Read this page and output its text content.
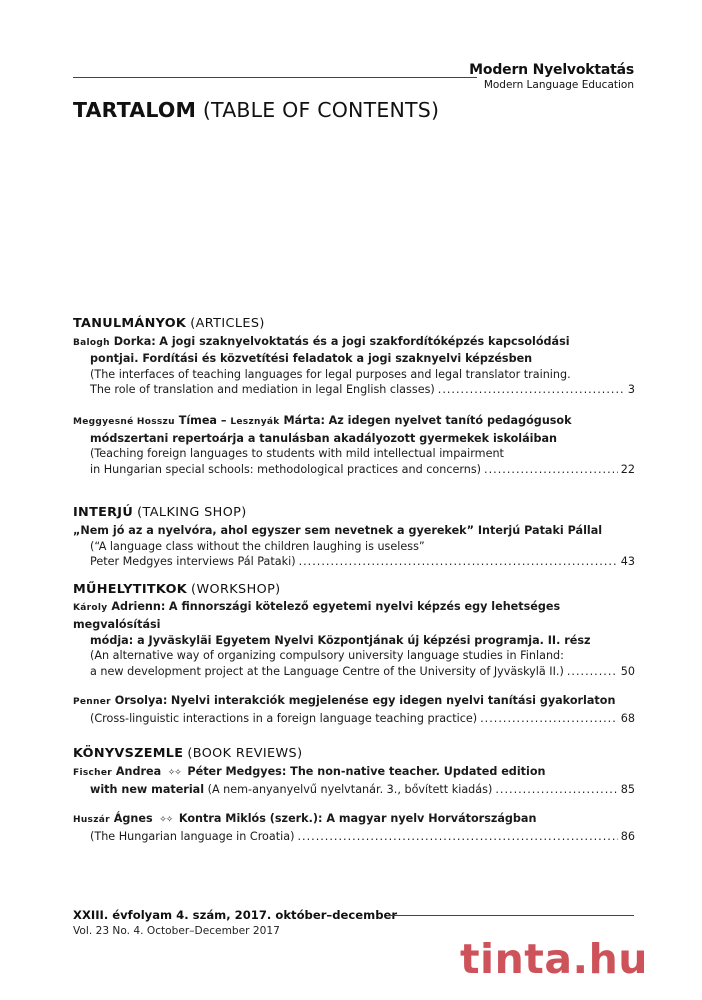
Modern Nyelvoktatás
Modern Language Education
TARTALOM (TABLE OF CONTENTS)
TANULMÁNYOK (ARTICLES)
Balogh Dorka: A jogi szaknyelvoktatás és a jogi szakfordítóképzés kapcsolódási
pontjai. Fordítási és közvetítési feladatok a jogi szaknyelvi képzésben
(The interfaces of teaching languages for legal purposes and legal translator training.
The role of translation and mediation in legal English classes) .....	3
Meggyesné Hosszu Tímea – Lesznyák Márta: Az idegen nyelvet tanító pedagógusok
módszertani repertoárja a tanulásban akadályozott gyermekek iskoláiban
(Teaching foreign languages to students with mild intellectual impairment
in Hungarian special schools: methodological practices and concerns) .....	22
INTERJÚ (TALKING SHOP)
„Nem jó az a nyelvóra, ahol egyszer sem nevetnek a gyerekek” Interjú Pataki Pállal
(“A language class without the children laughing is useless”
Peter Medgyes interviews Pál Pataki) .....	43
MŰHELYTITKOK (WORKSHOP)
Károly Adrienn: A finnországi kötelező egyetemi nyelvi képzés egy lehetséges megvalósítási
módja: a Jyväskyläi Egyetem Nyelvi Központjának új képzési programja. II. rész
(An alternative way of organizing compulsory university language studies in Finland:
a new development project at the Language Centre of the University of Jyväskylä II.) .....	50
Penner Orsolya: Nyelvi interakciók megjelenése egy idegen nyelvi tanítási gyakorlaton
(Cross-linguistic interactions in a foreign language teaching practice) .....	68
KÖNYVSZEMLE (BOOK REVIEWS)
Fischer Andrea ✧✧ Péter Medgyes: The non-native teacher. Updated edition
with new material (A nem-anyanyelvű nyelvtanár. 3., bővített kiadás) .....	85
Huszár Ágnes ✧✧ Kontra Miklós (szerk.): A magyar nyelv Horvátországban
(The Hungarian language in Croatia) .....	86
XXIII. évfolyam 4. szám, 2017. október–december
Vol. 23 No. 4. October–December 2017
tinta.hu
